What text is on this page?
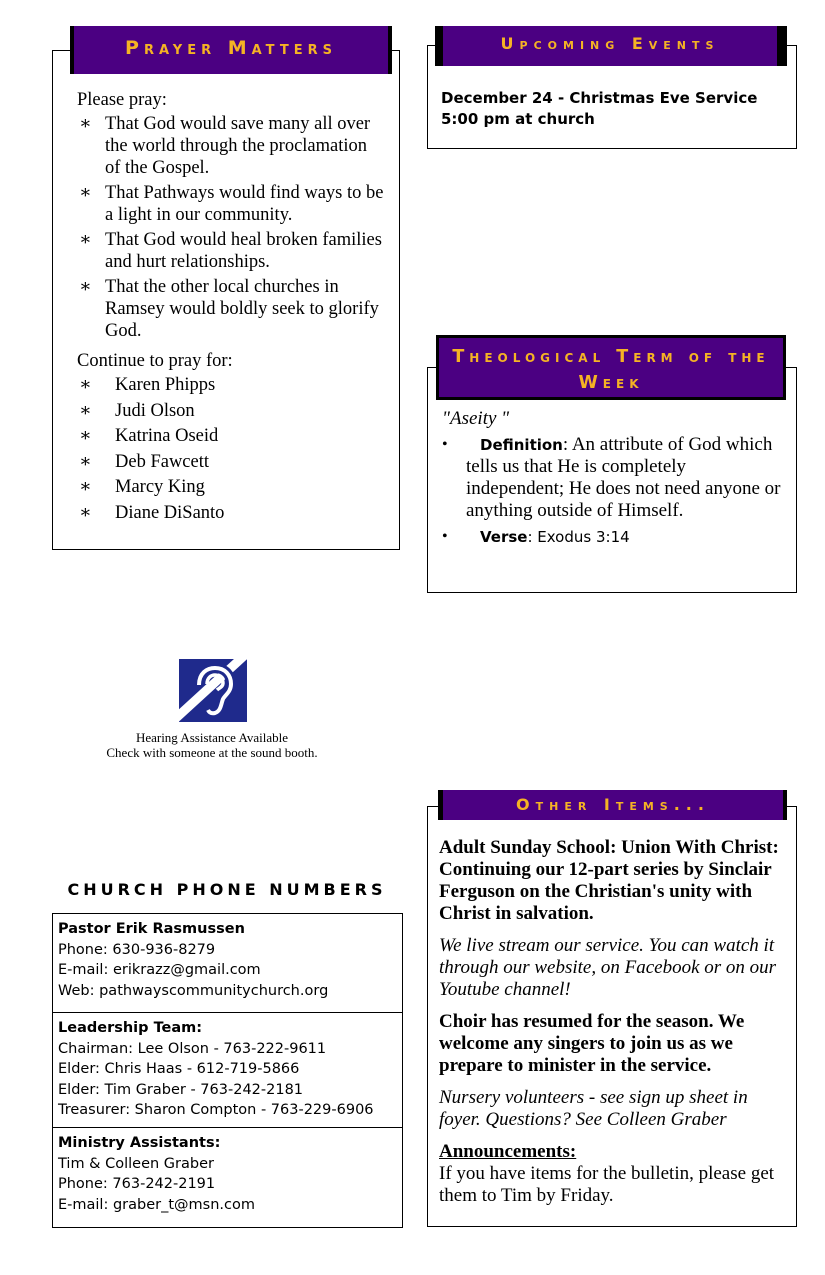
Please pray:
∗ That God would save many all over the world through the proclamation of the Gospel.
∗ That Pathways would find ways to be a light in our community.
∗ That God would heal broken families and hurt relationships.
∗ That the other local churches in Ramsey would boldly seek to glorify God.
Continue to pray for:
∗ Karen Phipps
∗ Judi Olson
∗ Katrina Oseid
∗ Deb Fawcett
∗ Marcy King
∗ Diane DiSanto
Prayer Matters
December 24 - Christmas Eve Service
5:00 pm at church
Upcoming Events
"Aseity "
• Definition: An attribute of God which tells us that He is completely independent; He does not need anyone or anything outside of Himself.
• Verse: Exodus 3:14
Theological Term of the Week
Hearing Assistance Available
Check with someone at the sound booth.
CHURCH PHONE NUMBERS
Pastor Erik Rasmussen
Phone: 630-936-8279
E-mail: erikrazz@gmail.com
Web: pathwayscommunitychurch.org
Leadership Team:
Chairman: Lee Olson - 763-222-9611
Elder: Chris Haas - 612-719-5866
Elder: Tim Graber - 763-242-2181
Treasurer: Sharon Compton - 763-229-6906
Ministry Assistants:
Tim & Colleen Graber
Phone: 763-242-2191
E-mail: graber_t@msn.com

Adult Sunday School: Union With Christ: Continuing our 12-part series by Sinclair Ferguson on the Christian's unity with Christ in salvation.

We live stream our service. You can watch it through our website, on Facebook or on our Youtube channel!

Choir has resumed for the season. We welcome any singers to join us as we prepare to minister in the service.

Nursery volunteers - see sign up sheet in foyer. Questions? See Colleen Graber

Announcements:
If you have items for the bulletin, please get them to Tim by Friday.
Other Items...
